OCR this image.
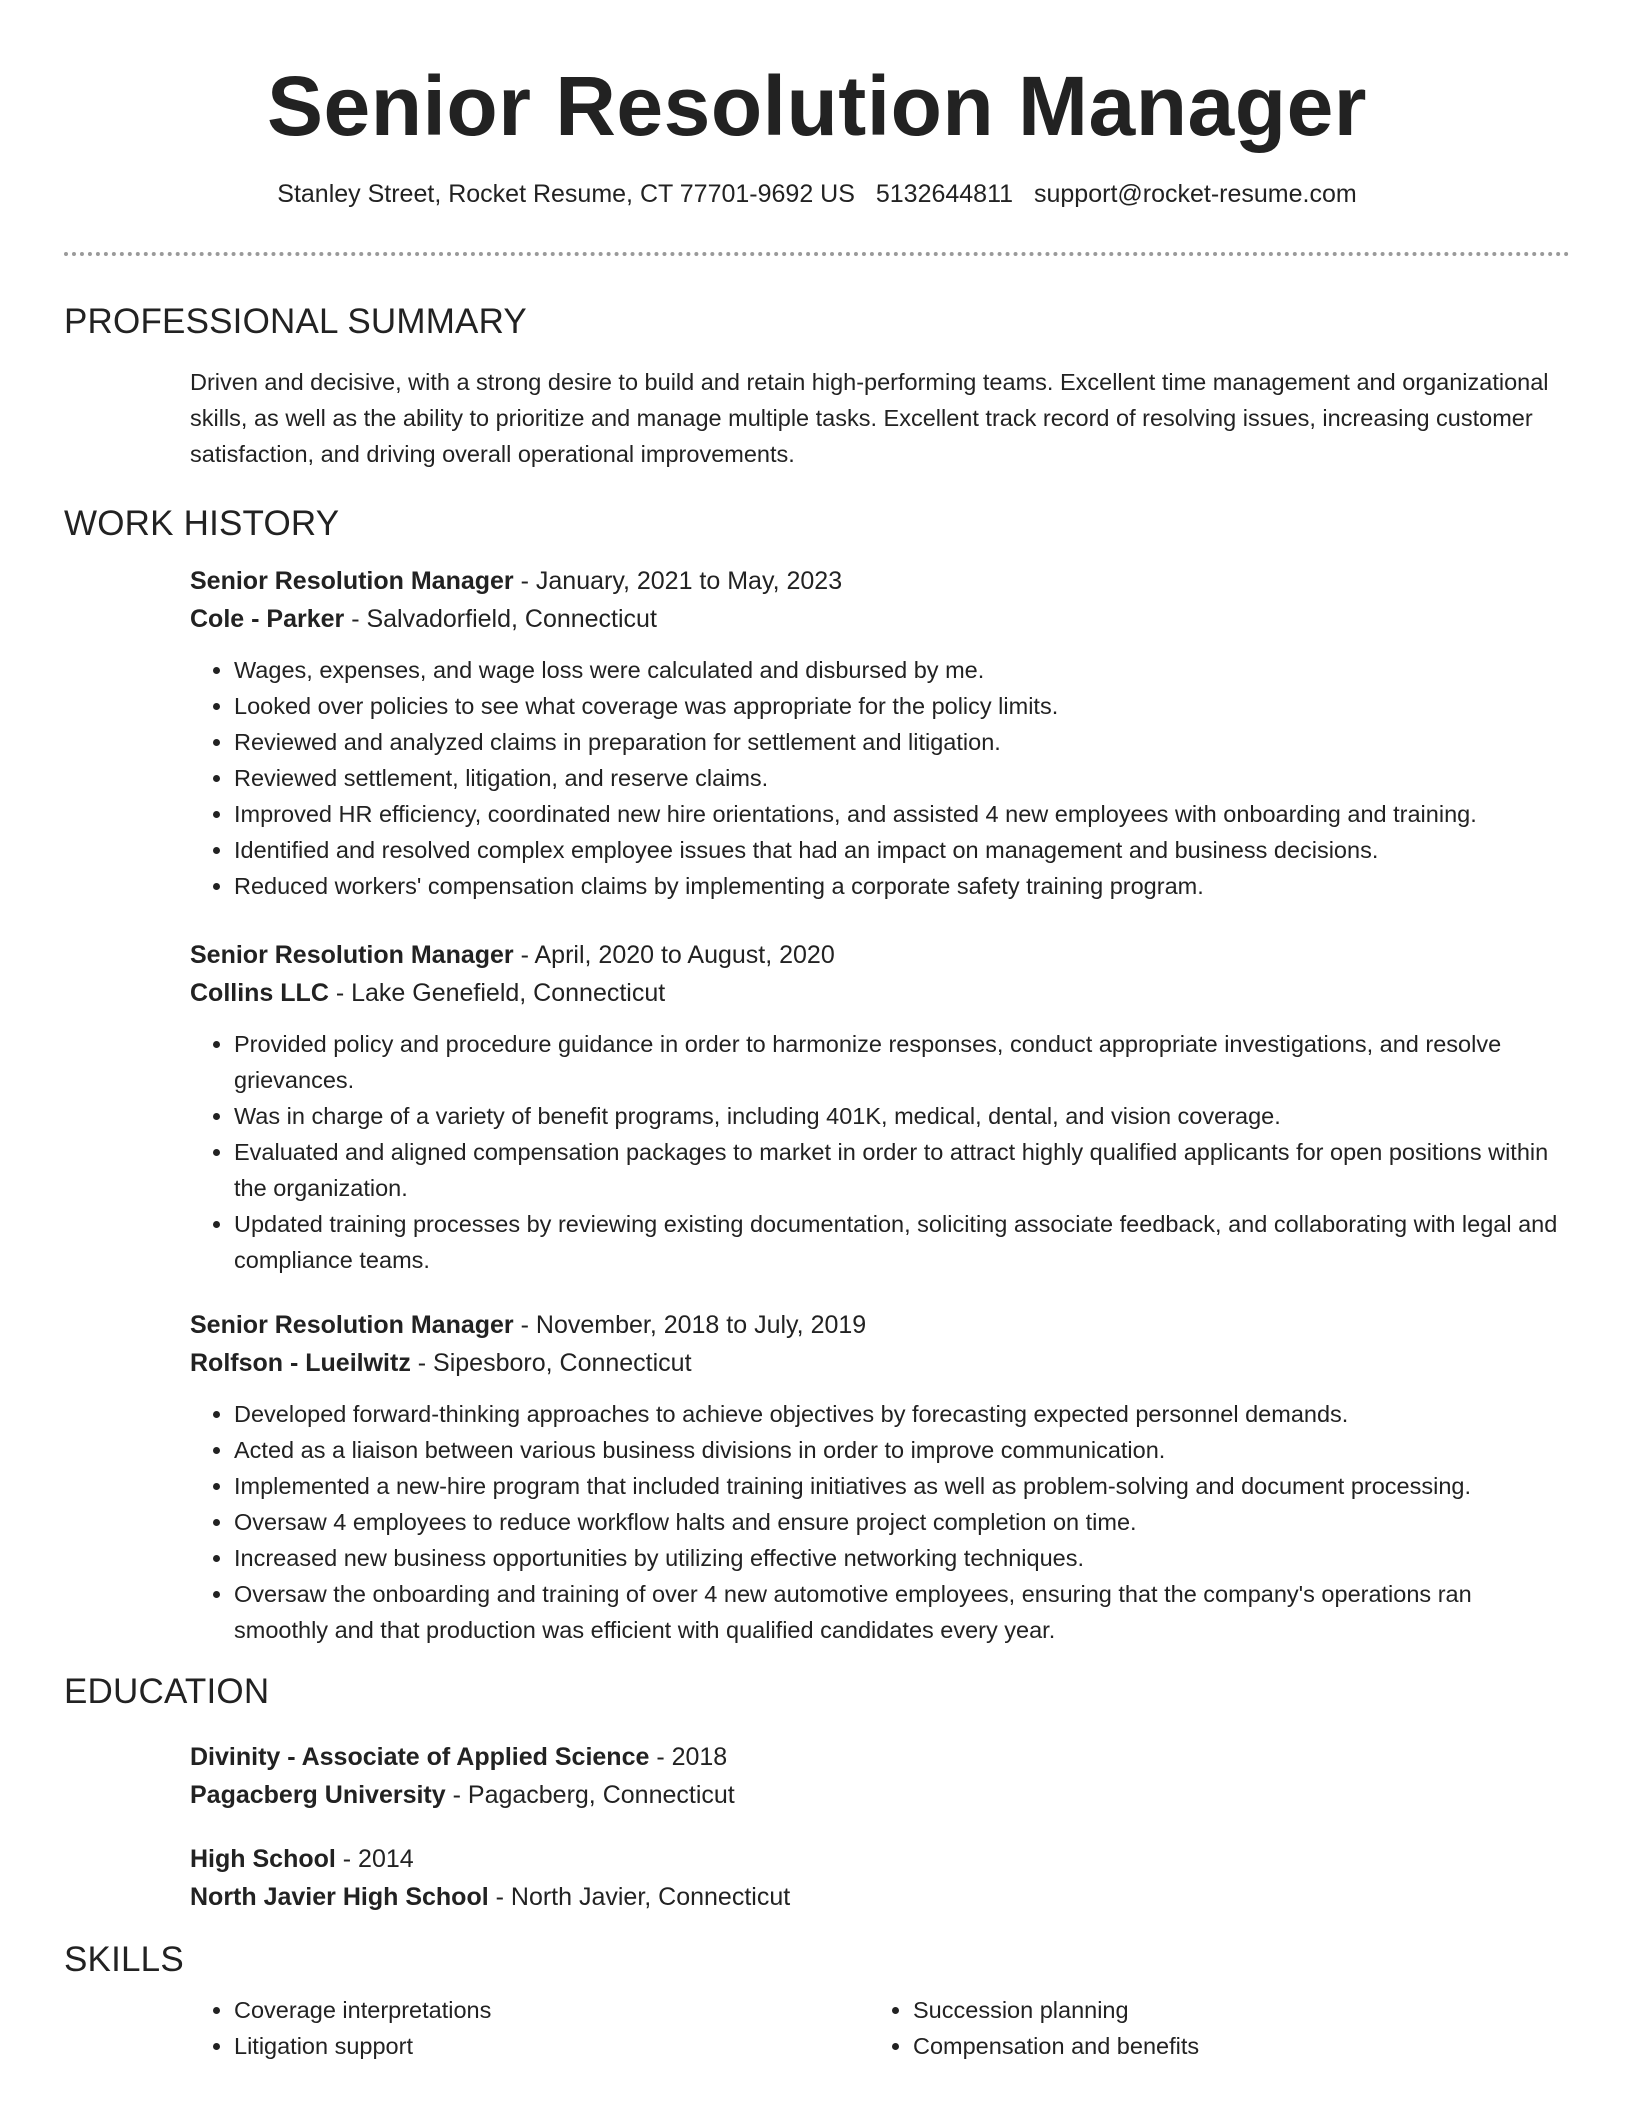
Senior Resolution Manager
Stanley Street, Rocket Resume, CT 77701-9692 US 5132644811 support@rocket-resume.com
PROFESSIONAL SUMMARY

Driven and decisive, with a strong desire to build and retain high-performing teams. Excellent time management and organizational skills, as well as the ability to prioritize and manage multiple tasks. Excellent track record of resolving issues, increasing customer satisfaction, and driving overall operational improvements.

WORK HISTORY
Senior Resolution Manager - January, 2021 to May, 2023
Cole - Parker - Salvadorfield, Connecticut
• Wages, expenses, and wage loss were calculated and disbursed by me.
• Looked over policies to see what coverage was appropriate for the policy limits.
• Reviewed and analyzed claims in preparation for settlement and litigation.
• Reviewed settlement, litigation, and reserve claims.
• Improved HR efficiency, coordinated new hire orientations, and assisted 4 new employees with onboarding and training.
• Identified and resolved complex employee issues that had an impact on management and business decisions.
• Reduced workers' compensation claims by implementing a corporate safety training program.
Senior Resolution Manager - April, 2020 to August, 2020
Collins LLC - Lake Genefield, Connecticut
• Provided policy and procedure guidance in order to harmonize responses, conduct appropriate investigations, and resolve grievances.
• Was in charge of a variety of benefit programs, including 401K, medical, dental, and vision coverage.
• Evaluated and aligned compensation packages to market in order to attract highly qualified applicants for open positions within the organization.
• Updated training processes by reviewing existing documentation, soliciting associate feedback, and collaborating with legal and compliance teams.
Senior Resolution Manager - November, 2018 to July, 2019
Rolfson - Lueilwitz - Sipesboro, Connecticut
• Developed forward-thinking approaches to achieve objectives by forecasting expected personnel demands.
• Acted as a liaison between various business divisions in order to improve communication.
• Implemented a new-hire program that included training initiatives as well as problem-solving and document processing.
• Oversaw 4 employees to reduce workflow halts and ensure project completion on time.
• Increased new business opportunities by utilizing effective networking techniques.
• Oversaw the onboarding and training of over 4 new automotive employees, ensuring that the company's operations ran smoothly and that production was efficient with qualified candidates every year.
EDUCATION
Divinity - Associate of Applied Science - 2018
Pagacberg University - Pagacberg, Connecticut
High School - 2014
North Javier High School - North Javier, Connecticut
SKILLS
• Coverage interpretations
• Litigation support
• Succession planning
• Compensation and benefits
